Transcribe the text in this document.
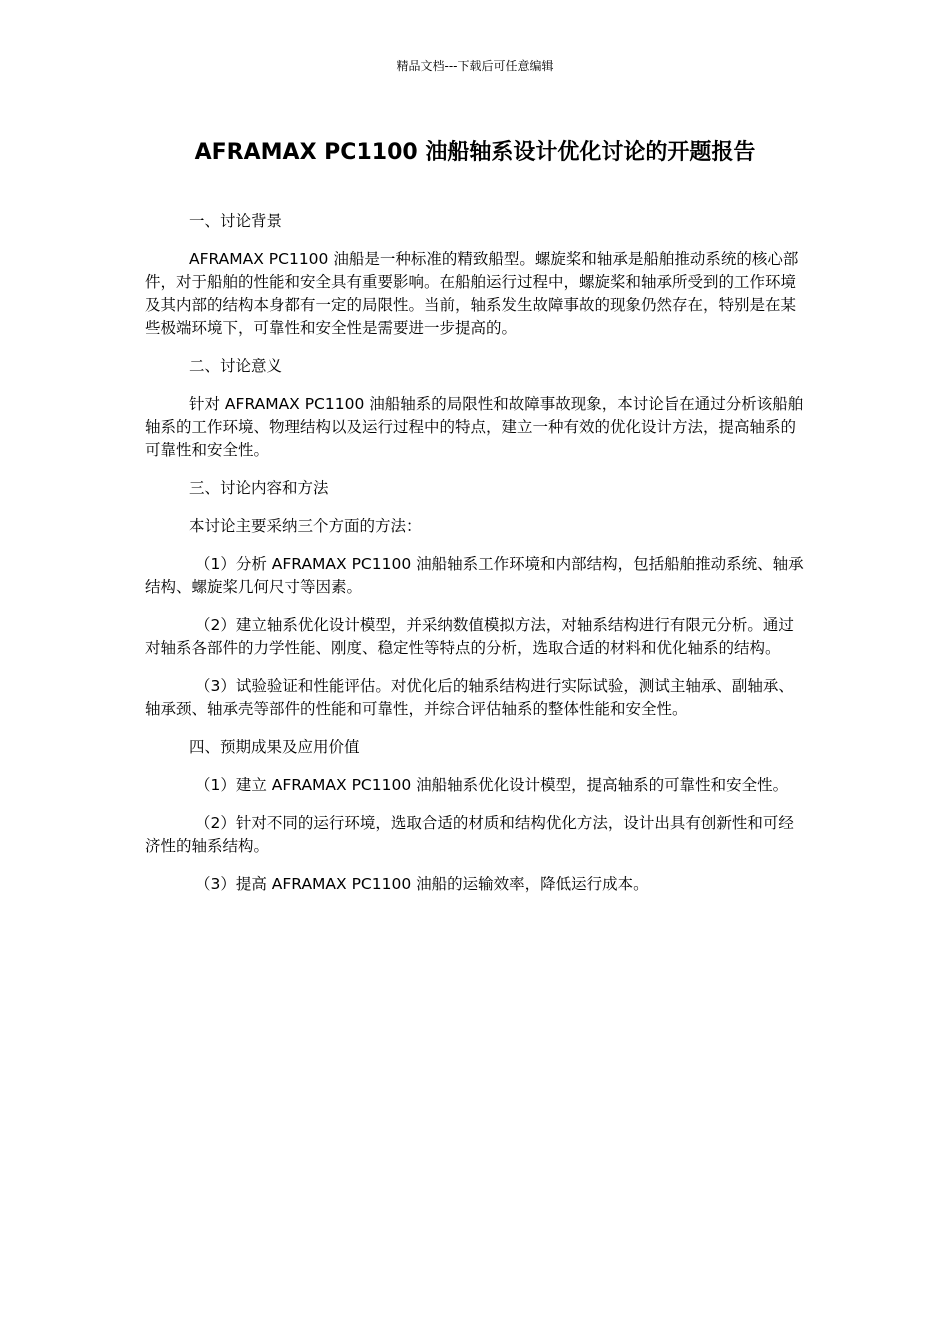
精品文档---下载后可任意编辑
AFRAMAX PC1100 油船轴系设计优化讨论的开题报告

一、讨论背景

AFRAMAX PC1100 油船是一种标准的精致船型。螺旋桨和轴承是船舶推动系统的核心部件，对于船舶的性能和安全具有重要影响。在船舶运行过程中，螺旋桨和轴承所受到的工作环境及其内部的结构本身都有一定的局限性。当前，轴系发生故障事故的现象仍然存在，特别是在某些极端环境下，可靠性和安全性是需要进一步提高的。

二、讨论意义

针对 AFRAMAX PC1100 油船轴系的局限性和故障事故现象，本讨论旨在通过分析该船舶轴系的工作环境、物理结构以及运行过程中的特点，建立一种有效的优化设计方法，提高轴系的可靠性和安全性。

三、讨论内容和方法

本讨论主要采纳三个方面的方法：

（1）分析 AFRAMAX PC1100 油船轴系工作环境和内部结构，包括船舶推动系统、轴承结构、螺旋桨几何尺寸等因素。

（2）建立轴系优化设计模型，并采纳数值模拟方法，对轴系结构进行有限元分析。通过对轴系各部件的力学性能、刚度、稳定性等特点的分析，选取合适的材料和优化轴系的结构。

（3）试验验证和性能评估。对优化后的轴系结构进行实际试验，测试主轴承、副轴承、轴承颈、轴承壳等部件的性能和可靠性，并综合评估轴系的整体性能和安全性。

四、预期成果及应用价值

（1）建立 AFRAMAX PC1100 油船轴系优化设计模型，提高轴系的可靠性和安全性。

（2）针对不同的运行环境，选取合适的材质和结构优化方法，设计出具有创新性和可经济性的轴系结构。

（3）提高 AFRAMAX PC1100 油船的运输效率，降低运行成本。
